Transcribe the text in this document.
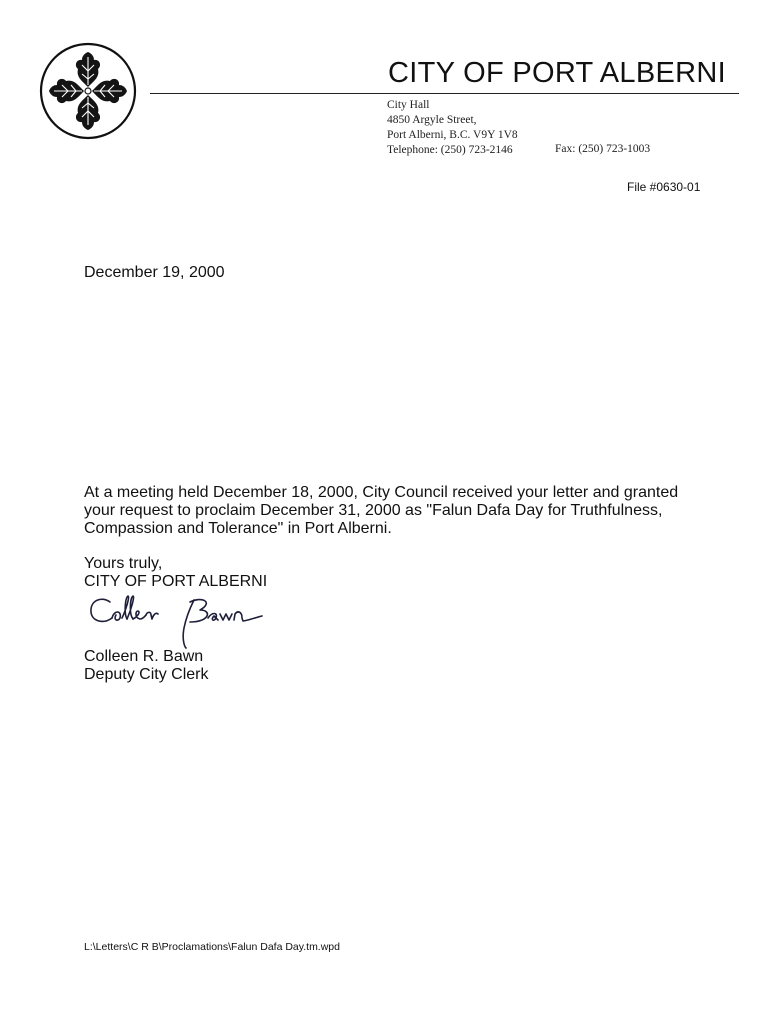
CITY OF PORT ALBERNI
City Hall
4850 Argyle Street,
Port Alberni, B.C. V9Y 1V8
Telephone: (250) 723-2146	Fax: (250) 723-1003
File #0630-01
December 19, 2000
At a meeting held December 18, 2000, City Council received your letter and granted your request to proclaim December 31, 2000 as "Falun Dafa Day for Truthfulness, Compassion and Tolerance" in Port Alberni.
Yours truly,
CITY OF PORT ALBERNI
Colleen R. Bawn
Deputy City Clerk
L:\Letters\C R B\Proclamations\Falun Dafa Day.tm.wpd
